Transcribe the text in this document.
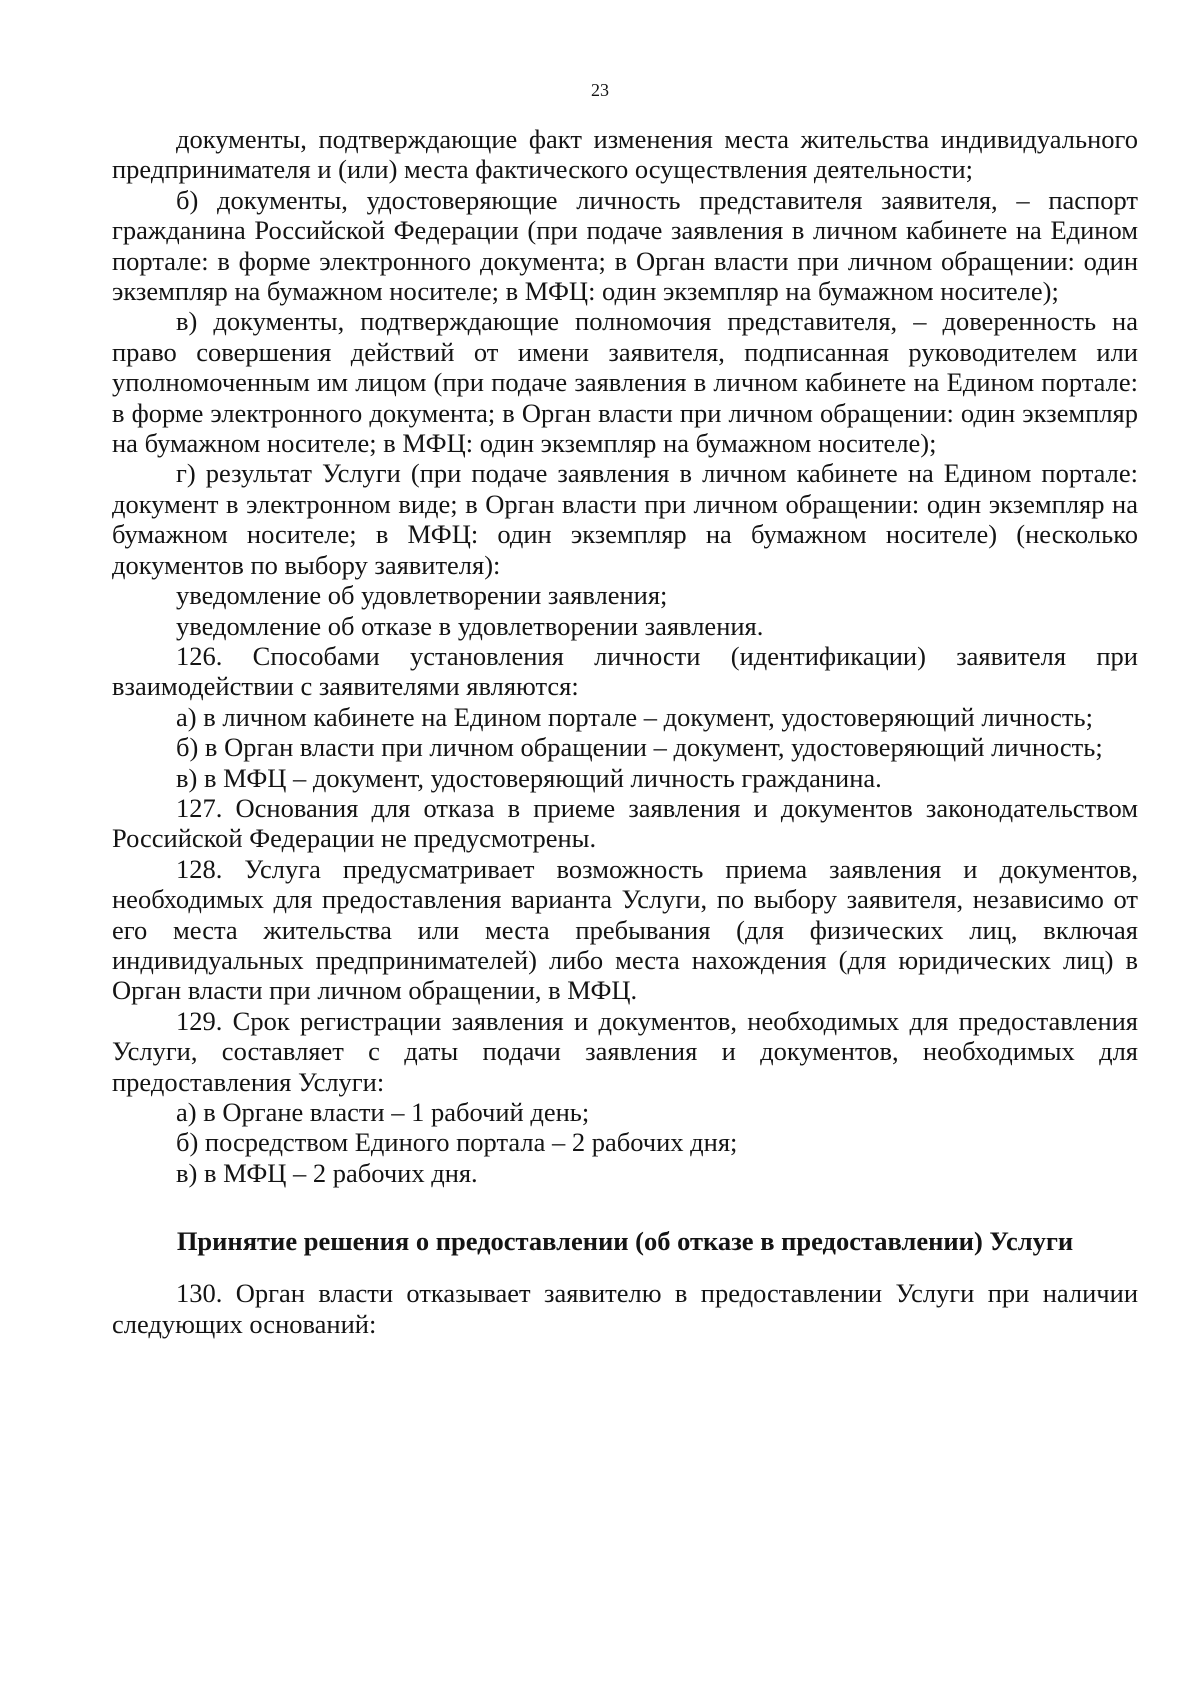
23

документы, подтверждающие факт изменения места жительства индивидуального предпринимателя и (или) места фактического осуществления деятельности;

б) документы, удостоверяющие личность представителя заявителя, – паспорт гражданина Российской Федерации (при подаче заявления в личном кабинете на Едином портале: в форме электронного документа; в Орган власти при личном обращении: один экземпляр на бумажном носителе; в МФЦ: один экземпляр на бумажном носителе);

в) документы, подтверждающие полномочия представителя, – доверенность на право совершения действий от имени заявителя, подписанная руководителем или уполномоченным им лицом (при подаче заявления в личном кабинете на Едином портале: в форме электронного документа; в Орган власти при личном обращении: один экземпляр на бумажном носителе; в МФЦ: один экземпляр на бумажном носителе);

г) результат Услуги (при подаче заявления в личном кабинете на Едином портале: документ в электронном виде; в Орган власти при личном обращении: один экземпляр на бумажном носителе; в МФЦ: один экземпляр на бумажном носителе) (несколько документов по выбору заявителя):

уведомление об удовлетворении заявления;

уведомление об отказе в удовлетворении заявления.

126. Способами установления личности (идентификации) заявителя при взаимодействии с заявителями являются:

а) в личном кабинете на Едином портале – документ, удостоверяющий личность;

б) в Орган власти при личном обращении – документ, удостоверяющий личность;

в) в МФЦ – документ, удостоверяющий личность гражданина.

127. Основания для отказа в приеме заявления и документов законодательством Российской Федерации не предусмотрены.

128. Услуга предусматривает возможность приема заявления и документов, необходимых для предоставления варианта Услуги, по выбору заявителя, независимо от его места жительства или места пребывания (для физических лиц, включая индивидуальных предпринимателей) либо места нахождения (для юридических лиц) в Орган власти при личном обращении, в МФЦ.

129. Срок регистрации заявления и документов, необходимых для предоставления Услуги, составляет с даты подачи заявления и документов, необходимых для предоставления Услуги:

а) в Органе власти – 1 рабочий день;

б) посредством Единого портала – 2 рабочих дня;

в) в МФЦ – 2 рабочих дня.

Принятие решения о предоставлении (об отказе в предоставлении) Услуги

130. Орган власти отказывает заявителю в предоставлении Услуги при наличии следующих оснований:
